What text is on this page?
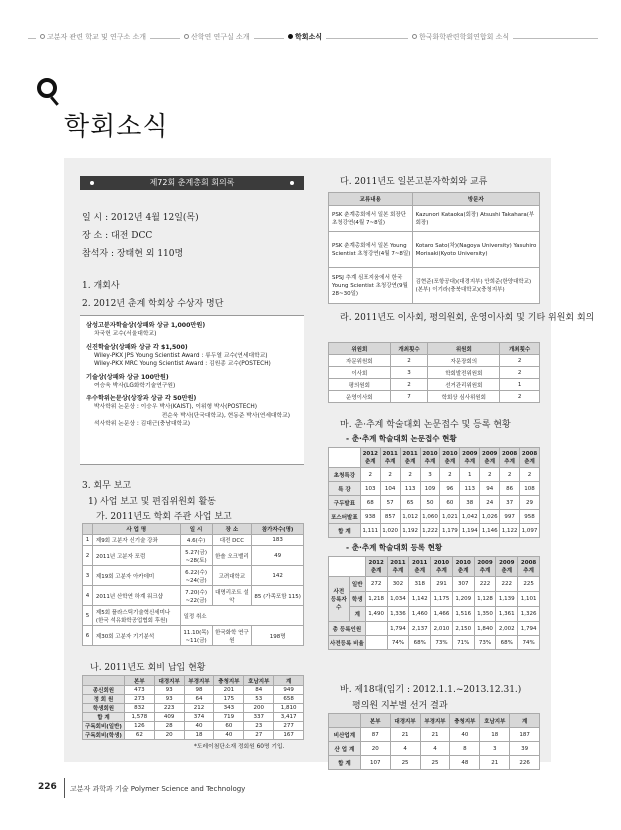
고분자 관련 학교 및 연구소 소개	산학연 연구실 소개	학회소식	한국화학관련학회연합회 소식
학회소식
제72회 춘계총회 회의록
일 시 : 2012년 4월 12일(목)
장 소 : 대전 DCC
참석자 : 장태현 외 110명
1. 개회사
2. 2012년 춘계 학회상 수상자 명단
삼성고분자학술상(상패와 상금 1,000만원)
차국헌 교수(서울대학교)
신진학술상(상패와 상금 각 $1,500)
Wiley-PKX JPS Young Scientist Award : 류두열 교수(연세대학교)
Wiley-PKX MRC Young Scientist Award : 김원종 교수(POSTECH)
기술상(상패와 상금 100만원)
여승욱 박사(LG화학기술연구원)
우수학위논문상(상장과 상금 각 50만원)
박사학위 논문상 : 이승우 박사(KAIST), 이위형 박사(POSTECH)
전순욱 박사(단국대학교), 현동준 박사(연세대학교)
석사학위 논문상 : 김대근(충남대학교)
3. 회무 보고
1) 사업 보고 및 편집위원회 활동
가. 2011년도 학회 주관 사업 보고
	사 업 명	일 시	장 소	참가자수(명)
1	제9회 고분자 신기술 강좌	4.6(수)	대전 DCC	183
2	2011년 고분자 포럼	5.27(금) ~28(토)	한솔 오크밸리	49
3	제19회 고분자 아카데미	6.22(수) ~24(금)	고려대학교	142
4	2011년 산학연 하계 워크샵	7.20(수) ~22(금)	대명리조트 설악	85 (가족포함 115)
5	제5회 플라스틱기술혁신세미나 (한국 석유화학공업협회 후원)	일정 취소		
6	제30회 고분자 기기분석	11.10(목) ~11(금)	한국화학 연구원	198명
나. 2011년도 회비 납입 현황
	본부	대경지부	부경지부	충청지부	호남지부	계
종신회원	473	93	98	201	84	949
정 회 원	273	93	64	175	53	658
학생회원	832	223	212	343	200	1,810
합 계	1,578	409	374	719	337	3,417
구독회비(일반)	126	28	40	60	23	277
구독회비(학생)	62	20	18	40	27	167
*도레이첨단소재 정회원 60명 기입.
다. 2011년도 일본고분자학회와 교류
교류내용	방문자
PSK 춘계총회에서 일본 회장단 초청강연(4월 7~8일)	Kazunori Kataoka(회장) Atsushi Takahara(부회장)
PSK 춘계총회에서 일본 Young Scientist 초청강연(4월 7~8일)	Kotaro Sato(차)(Nagoya University) Yasuhiro Morisaki(Kyoto University)
SPSJ 추계 심포지움에서 한국 Young Scientist 초청강연(9월 28~30일)	김현준(포항공대)(대경지부) 안희준(한양대학교)(본부) 이기라(충북대학교)(충청지부)
라. 2011년도 이사회, 평의원회, 운영이사회 및 기타 위원회 회의
위원회	개최횟수	위원회	개최횟수
자문위원회	2	자문장회의	2
이사회	3	학회발전위원회	2
평의원회	2	선거관리위원회	1
운영이사회	7	학회상 심사위원회	2
마. 춘·추계 학술대회 논문접수 및 등록 현황
- 춘·추계 학술대회 논문접수 현황
	2012 춘계	2011 추계	2011 춘계	2010 추계	2010 춘계	2009 추계	2009 춘계	2008 추계	2008 춘계
초청특강	2	2	2	3	2	1	2	2	2
특 강	103	104	113	109	96	113	94	86	108
구두발표	68	57	65	50	60	38	24	37	29
포스터발표	938	857	1,012	1,060	1,021	1,042	1,026	997	958
합 계	1,111	1,020	1,192	1,222	1,179	1,194	1,146	1,122	1,097
- 춘·추계 학술대회 등록 현황
		2012 춘계	2011 추계	2011 춘계	2010 추계	2010 춘계	2009 추계	2009 춘계	2008 추계
사전 등록자 수	일반	272	302	318	291	307	222	222	225
	학생	1,218	1,034	1,142	1,175	1,209	1,128	1,139	1,101
	계	1,490	1,336	1,460	1,466	1,516	1,350	1,361	1,326
총 등록인원			1,794	2,137	2,010	2,150	1,840	2,002	1,794
사전등록 비율			74%	68%	73%	71%	73%	68%	74%
바. 제18대(임기 : 2012.1.1.~2013.12.31.)
평의원 지부별 선거 결과
	본부	대경지부	부경지부	충청지부	호남지부	계
비산업계	87	21	21	40	18	187
산 업 계	20	4	4	8	3	39
합 계	107	25	25	48	21	226
226 고분자 과학과 기술 Polymer Science and Technology
